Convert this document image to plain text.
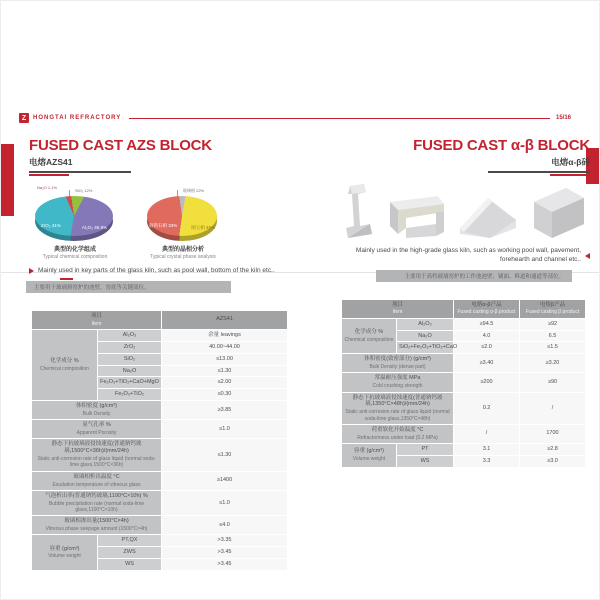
Z	HONGTAI REFRACTORY	15/16
FUSED CAST AZS BLOCK
电熔AZS41
Na₂O 1.1%
SiO₂ 12%
ZrO₂ 41%	Al₂O₃ 45.9%
典型的化学组成
Typical chemical composition
玻璃相 22%
斜锆石相 33%	刚玉相 45%
典型的晶相分析
Typical crystal phase analysis
Mainly used in key parts of the glass kiln, such as pool wall, bottom of the kiln etc..
主要用于玻璃熔窑炉的池壁、窑底等关键部位。
项目
Item		AZS41

化学成分 %
Chemical composition	Al₂O₃	余量 leavings
	ZrO₂	40.00~44.00
	SiO₂	≤13.00
	Na₂O	≤1.30
	Fe₂O₃+TiO₂+CaO+MgO	≤2.00
	Fe₂O₃+TiO₂	≤0.30

体积密度 (g/cm³)
Bulk Density		≥3.85

显气孔率 %
Apparent Porosity		≤1.0

静态下抗玻璃液侵蚀速度(普通钠钙玻璃,1500°C×36h)/(mm/24h)
Static anti-corrosion rate of glass liquid (normal soda-lime glass,1500°C×36h)		≤1.30

玻璃相析出温度 °C
Exudation temperature of vitreous glass		≥1400

气泡析出率(普通钠钙玻璃,1100°C×10h) %
Bubble precipitation rate (normal soda-lime glass,1100°C×10h)		≤1.0

玻璃相渗出量(1500°C×4h)
Vitreous phase seepage amount (1500°C×4h)		≤4.0

容重 (g/cm³)
Volume weight	PT,QX	>3.35
	ZWS	>3.45
	WS	>3.45
FUSED CAST α-β BLOCK
电熔α-β砖
Mainly used in the high-grade glass kiln, such as working pool wall, pavement, forehearth and channel etc..
主要用于高档玻璃窑炉的工作池池壁、铺面、料道和通道等部位。
项目
Item		电熔α-β产品
Fused casting α-β product	电熔β产品
Fused casting β product

化学成分 %
Chemical composition	Al₂O₃	≥94.5	≥92
	Na₂O	4.0	6.5
	SiO₂+Fe₂O₃+TiO₂+CaO	≤2.0	≤1.5

体积密度(致密部分) (g/cm³)
Bulk Density (dense part)		≥3.40	≥3.20

常温耐压强度 MPa
Cold crushing strength		≥200	≥90

静态下抗玻璃液侵蚀速度(普通钠钙玻璃,1350°C×48h)/(mm/24h)
Static anti-corrosion rate of glass liquid (normal soda-lime glass,1350°C×48h)		0.2	/

荷重软化开始温度 °C
Refractoriness under load (0.2 MPa)		/	1700

容重 (g/cm³)
Volume weight	PT	3.1	≥2.8
	WS	3.3	≥3.0
